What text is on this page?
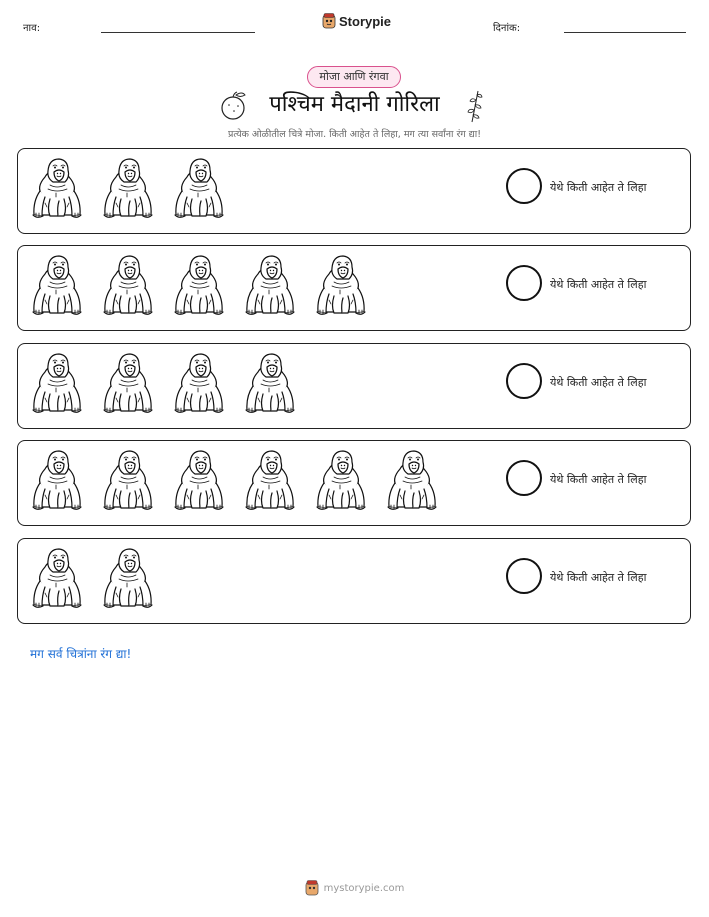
नाव:	Storypie	दिनांक:
मोजा आणि रंगवा
पश्चिम मैदानी गोरिला
प्रत्येक ओळीतील चित्रे मोजा. किती आहेत ते लिहा, मग त्या सर्वांना रंग द्या!
येथे किती आहेत ते लिहा
येथे किती आहेत ते लिहा
येथे किती आहेत ते लिहा
येथे किती आहेत ते लिहा
येथे किती आहेत ते लिहा
मग सर्व चित्रांना रंग द्या!
mystorypie.com
